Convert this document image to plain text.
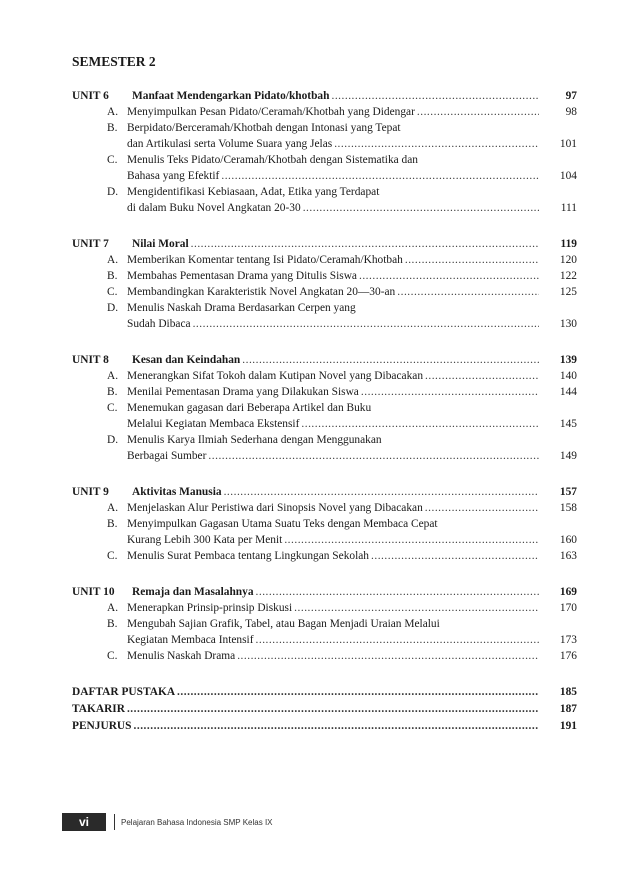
SEMESTER 2
UNIT 6	Manfaat Mendengarkan Pidato/khotbah .....	97
A. Menyimpulkan Pesan Pidato/Ceramah/Khotbah yang Didengar .....	98
B. Berpidato/Berceramah/Khotbah dengan Intonasi yang Tepat
dan Artikulasi serta Volume Suara yang Jelas .....	101
C. Menulis Teks Pidato/Ceramah/Khotbah dengan Sistematika dan
Bahasa yang Efektif .....	104
D. Mengidentifikasi Kebiasaan, Adat, Etika yang Terdapat
di dalam Buku Novel Angkatan 20-30 .....	111
UNIT 7	Nilai Moral .....	119
A. Memberikan Komentar tentang Isi Pidato/Ceramah/Khotbah .....	120
B. Membahas Pementasan Drama yang Ditulis Siswa .....	122
C. Membandingkan Karakteristik Novel Angkatan 20—30-an .....	125
D. Menulis Naskah Drama Berdasarkan Cerpen yang
Sudah Dibaca .....	130
UNIT 8	Kesan dan Keindahan .....	139
A. Menerangkan Sifat Tokoh dalam Kutipan Novel yang Dibacakan .....	140
B. Menilai Pementasan Drama yang Dilakukan Siswa .....	144
C. Menemukan gagasan dari Beberapa Artikel dan Buku
Melalui Kegiatan Membaca Ekstensif .....	145
D. Menulis Karya Ilmiah Sederhana dengan Menggunakan
Berbagai Sumber .....	149
UNIT 9	Aktivitas Manusia .....	157
A. Menjelaskan Alur Peristiwa dari Sinopsis Novel yang Dibacakan .....	158
B. Menyimpulkan Gagasan Utama Suatu Teks dengan Membaca Cepat
Kurang Lebih 300 Kata per Menit .....	160
C. Menulis Surat Pembaca tentang Lingkungan Sekolah .....	163
UNIT 10	Remaja dan Masalahnya .....	169
A. Menerapkan Prinsip-prinsip Diskusi .....	170
B. Mengubah Sajian Grafik, Tabel, atau Bagan Menjadi Uraian Melalui
Kegiatan Membaca Intensif .....	173
C. Menulis Naskah Drama .....	176
DAFTAR PUSTAKA .....	185
TAKARIR .....	187
PENJURUS .....	191
vi	Pelajaran Bahasa Indonesia SMP Kelas IX
